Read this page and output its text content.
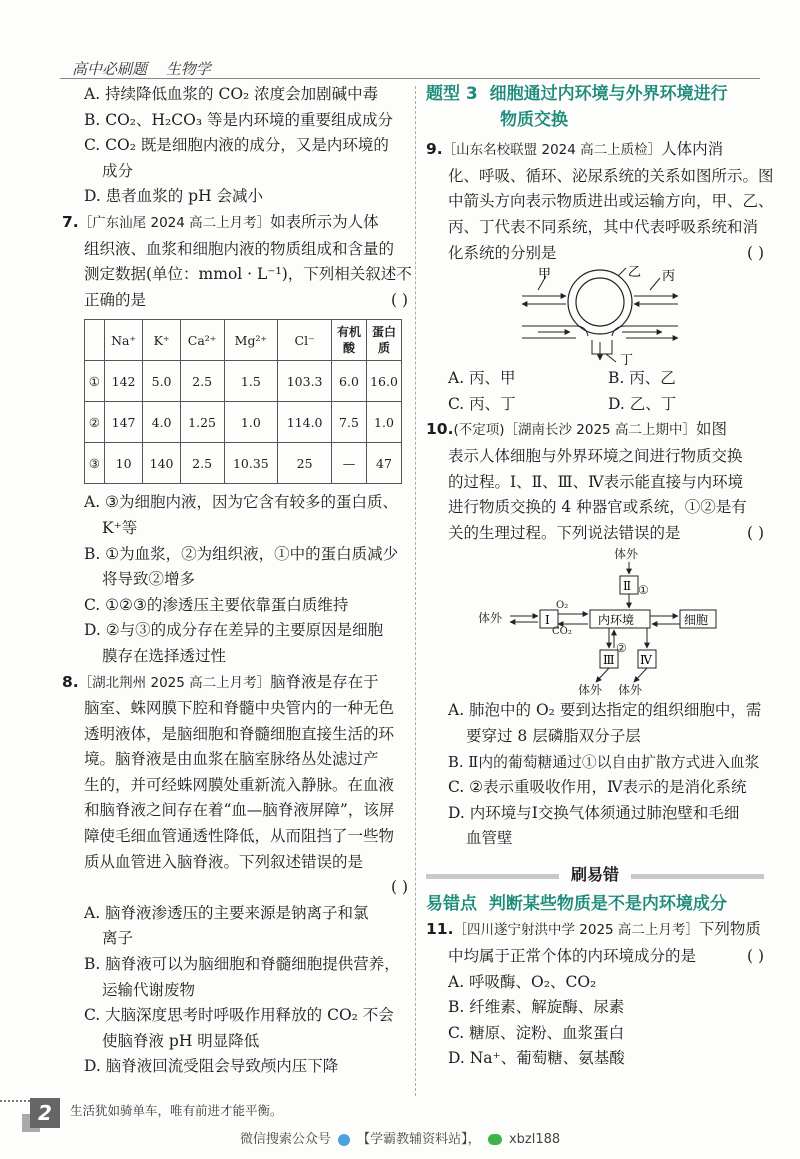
高中必刷题 生物学
A. 持续降低血浆的 CO₂ 浓度会加剧碱中毒
B. CO₂、H₂CO₃ 等是内环境的重要组成成分
C. CO₂ 既是细胞内液的成分，又是内环境的
成分
D. 患者血浆的 pH 会减小
7.［广东汕尾 2024 高二上月考］如表所示为人体
组织液、血浆和细胞内液的物质组成和含量的
测定数据(单位：mmol · L⁻¹)，下列相关叙述不
正确的是	( )
	Na⁺	K⁺	Ca²⁺	Mg²⁺	Cl⁻	有机酸	蛋白质
①	142	5.0	2.5	1.5	103.3	6.0	16.0
②	147	4.0	1.25	1.0	114.0	7.5	1.0
③	10	140	2.5	10.35	25	—	47
A. ③为细胞内液，因为它含有较多的蛋白质、
K⁺等
B. ①为血浆，②为组织液，①中的蛋白质减少
将导致②增多
C. ①②③的渗透压主要依靠蛋白质维持
D. ②与③的成分存在差异的主要原因是细胞
膜存在选择透过性
8.［湖北荆州 2025 高二上月考］脑脊液是存在于
脑室、蛛网膜下腔和脊髓中央管内的一种无色
透明液体，是脑细胞和脊髓细胞直接生活的环
境。脑脊液是由血浆在脑室脉络丛处滤过产
生的，并可经蛛网膜处重新流入静脉。在血液
和脑脊液之间存在着“血—脑脊液屏障”，该屏
障使毛细血管通透性降低，从而阻挡了一些物
质从血管进入脑脊液。下列叙述错误的是
( )
A. 脑脊液渗透压的主要来源是钠离子和氯
离子
B. 脑脊液可以为脑细胞和脊髓细胞提供营养，
运输代谢废物
C. 大脑深度思考时呼吸作用释放的 CO₂ 不会
使脑脊液 pH 明显降低
D. 脑脊液回流受阻会导致颅内压下降
题型 3 细胞通过内环境与外界环境进行
物质交换
9.［山东名校联盟 2024 高二上质检］人体内消
化、呼吸、循环、泌尿系统的关系如图所示。图
中箭头方向表示物质进出或运输方向，甲、乙、
丙、丁代表不同系统，其中代表呼吸系统和消
化系统的分别是	( )
甲	乙 丙
丁
A. 丙、甲	B. 丙、乙
C. 丙、丁	D. 乙、丁
10.(不定项)［湖南长沙 2025 高二上期中］如图
表示人体细胞与外界环境之间进行物质交换
的过程。Ⅰ、Ⅱ、Ⅲ、Ⅳ表示能直接与内环境
进行物质交换的 4 种器官或系统，①②是有
关的生理过程。下列说法错误的是	( )
体外
体外
体外 体外
O₂
CO₂
①
②
Ⅱ
Ⅰ	内环境	细胞
Ⅲ Ⅳ
A. 肺泡中的 O₂ 要到达指定的组织细胞中，需
要穿过 8 层磷脂双分子层
B. Ⅱ内的葡萄糖通过①以自由扩散方式进入血浆
C. ②表示重吸收作用，Ⅳ表示的是消化系统
D. 内环境与Ⅰ交换气体须通过肺泡壁和毛细
血管壁
刷易错
易错点 判断某些物质是不是内环境成分
11.［四川遂宁射洪中学 2025 高二上月考］下列物质
中均属于正常个体的内环境成分的是	( )
A. 呼吸酶、O₂、CO₂
B. 纤维素、解旋酶、尿素
C. 糖原、淀粉、血浆蛋白
D. Na⁺、葡萄糖、氨基酸
2	生活犹如骑单车，唯有前进才能平衡。
微信搜索公众号 【学霸教辅资料站】， xbzl188
